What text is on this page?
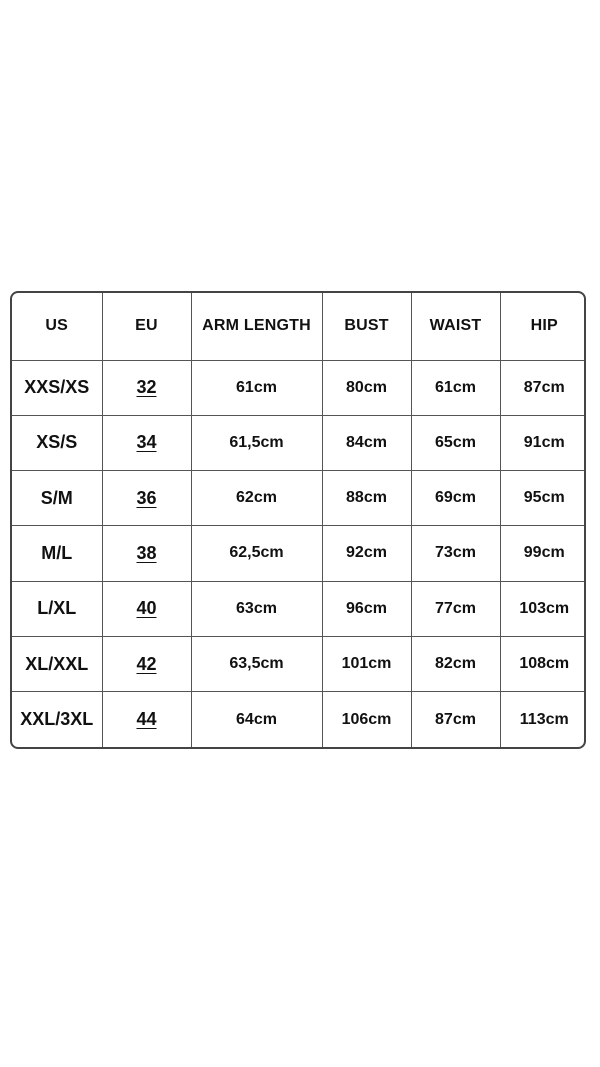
US	EU	ARM LENGTH	BUST	WAIST	HIP
XXS/XS	32	61cm	80cm	61cm	87cm
XS/S	34	61,5cm	84cm	65cm	91cm
S/M	36	62cm	88cm	69cm	95cm
M/L	38	62,5cm	92cm	73cm	99cm
L/XL	40	63cm	96cm	77cm	103cm
XL/XXL	42	63,5cm	101cm	82cm	108cm
XXL/3XL	44	64cm	106cm	87cm	113cm
